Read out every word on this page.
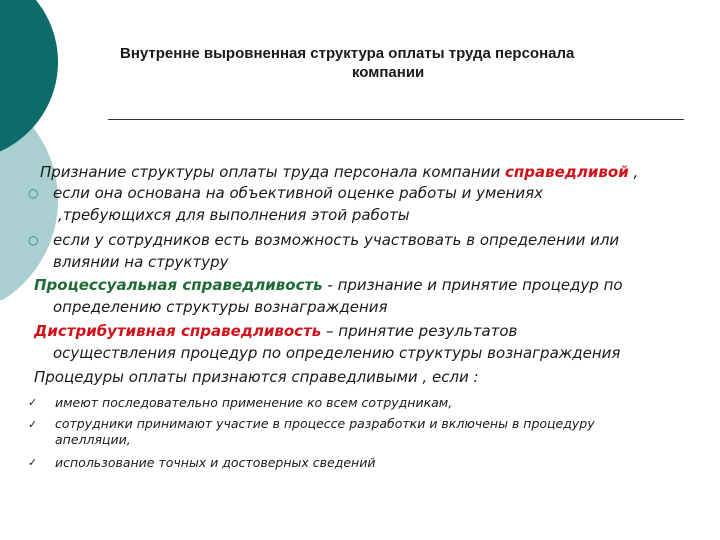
Внутренне выровненная структура оплаты труда персонала
компании
Признание структуры оплаты труда персонала компании справедливой ,
○ если она основана на объективной оценке работы и умениях
,требующихся для выполнения этой работы
○ если у сотрудников есть возможность участвовать в определении или
влиянии на структуру
Процессуальная справедливость - признание и принятие процедур по
определению структуры вознаграждения
Дистрибутивная справедливость – принятие результатов
осуществления процедур по определению структуры вознаграждения
Процедуры оплаты признаются справедливыми , если :
✓ имеют последовательно применение ко всем сотрудникам,
✓ сотрудники принимают участие в процессе разработки и включены в процедуру
апелляции,
✓ использование точных и достоверных сведений
